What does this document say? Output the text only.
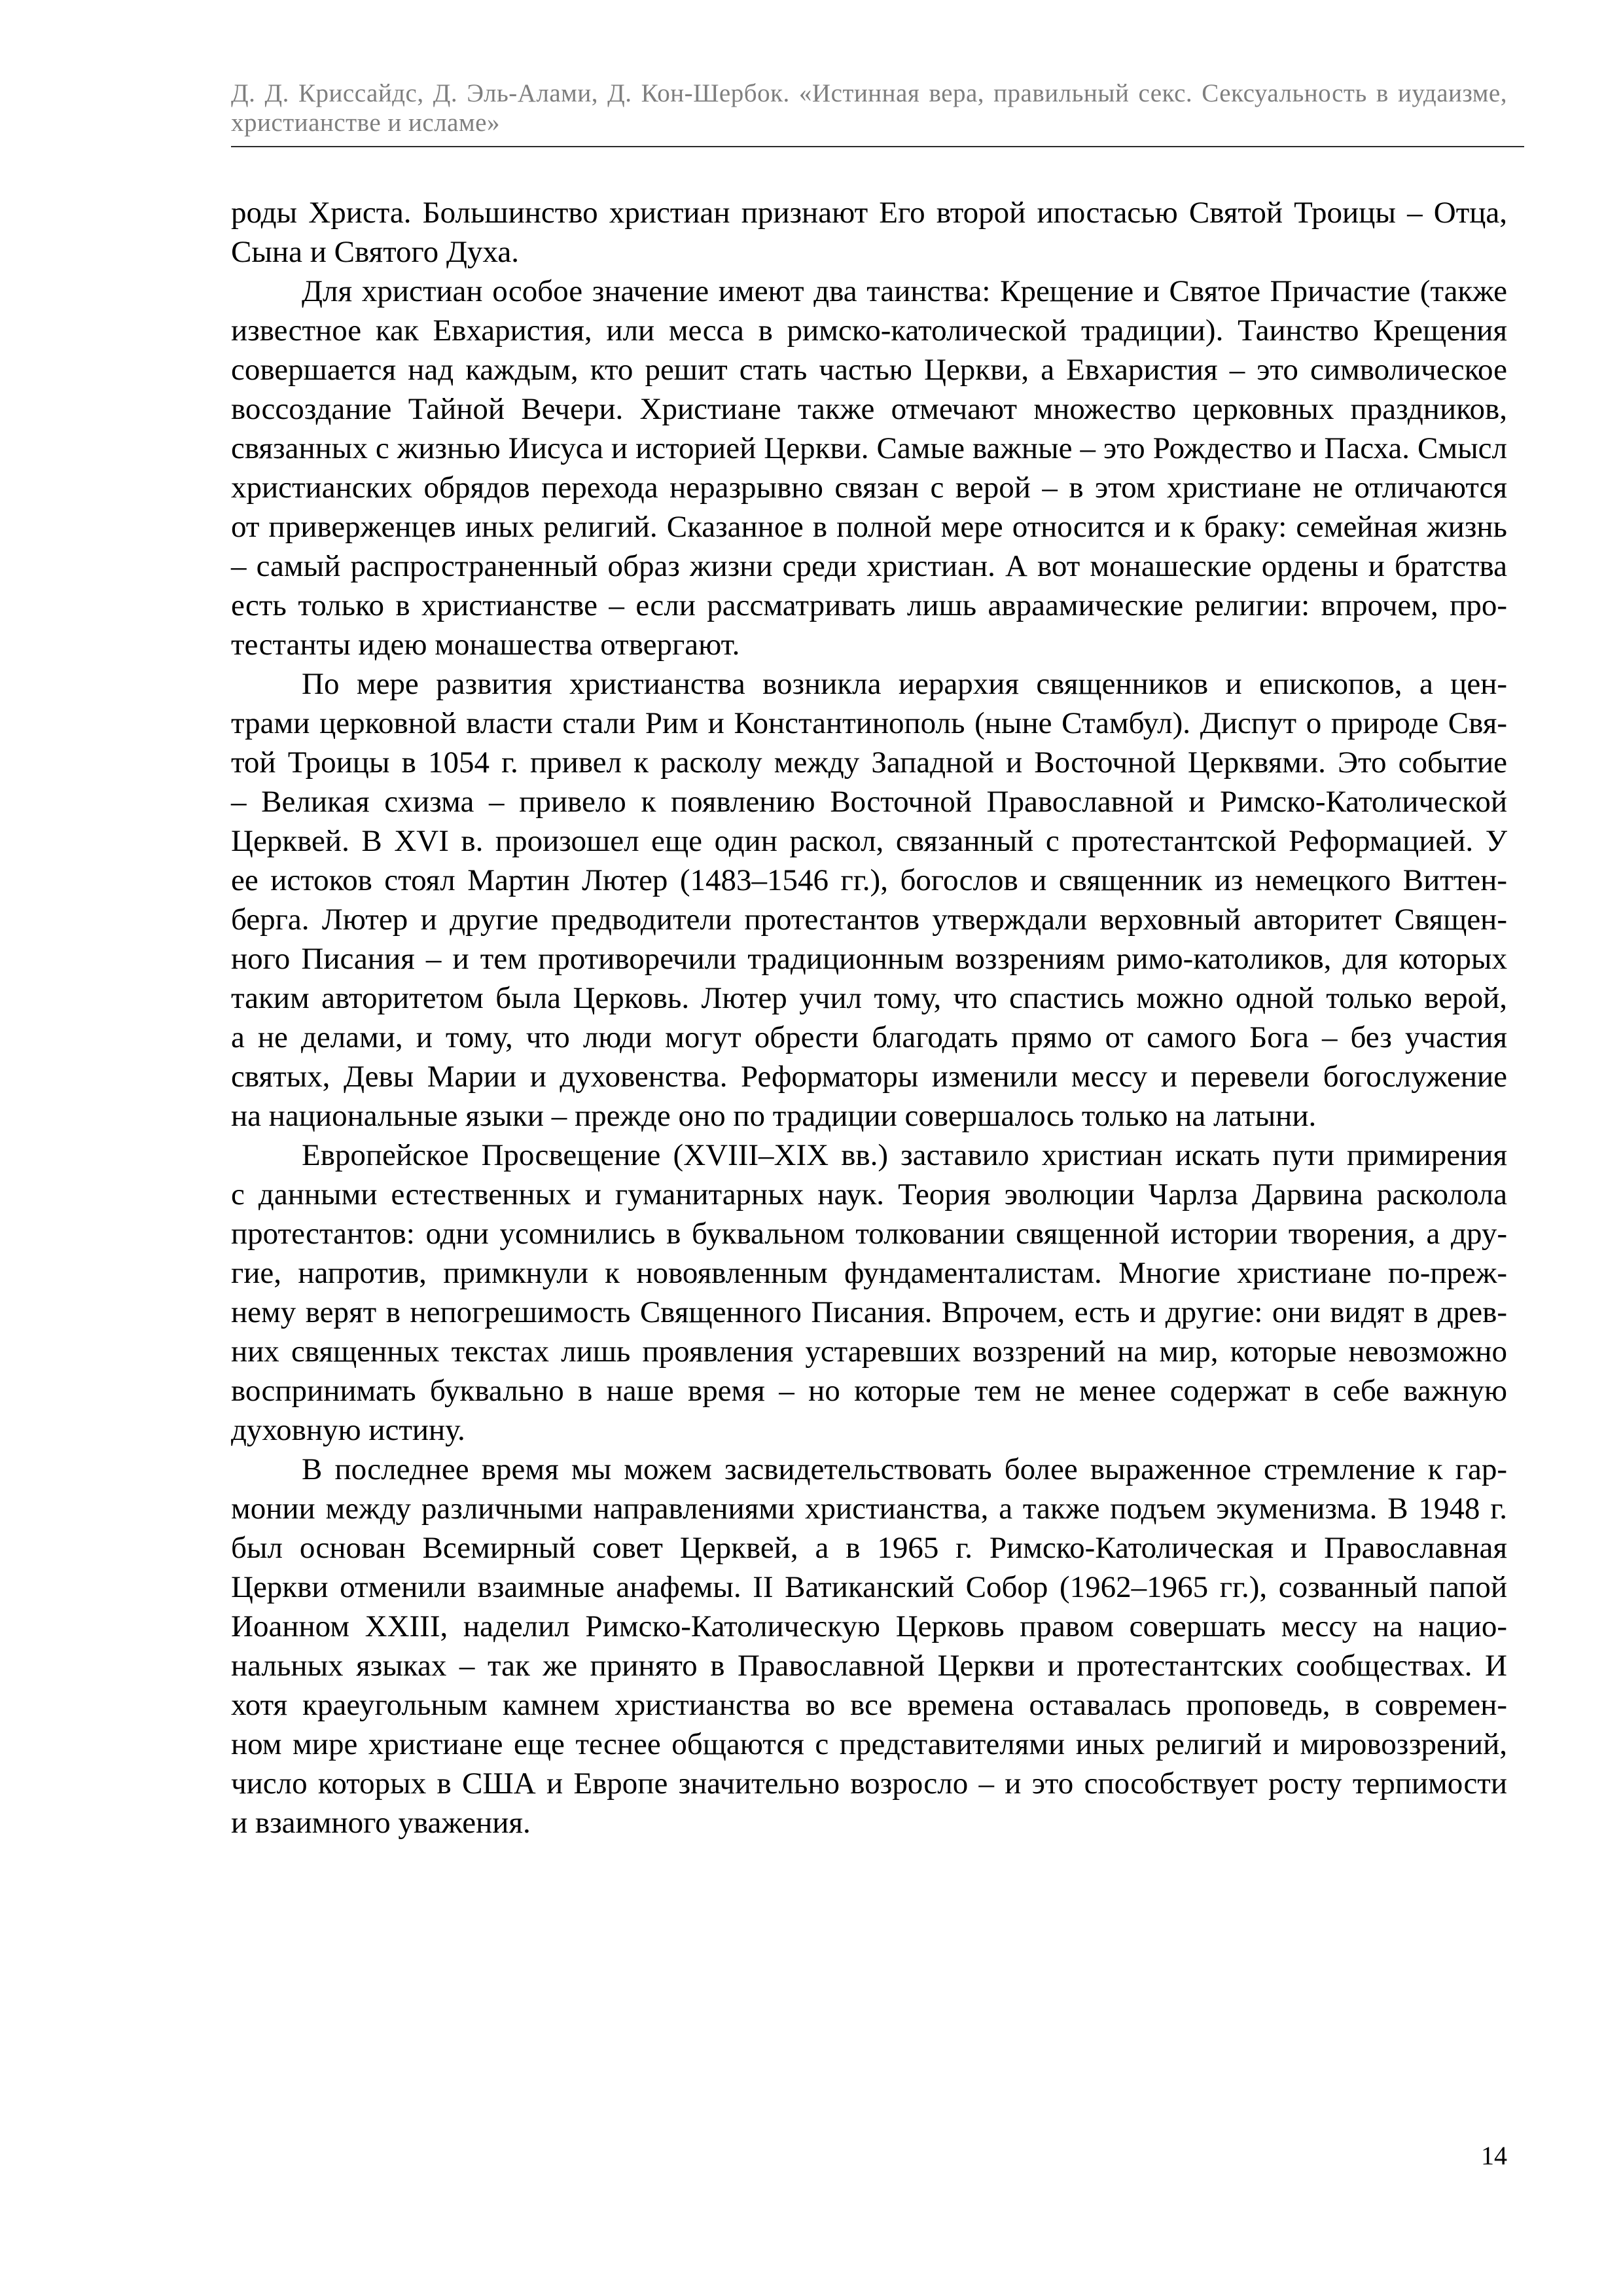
Д. Д. Криссайдс, Д. Эль-Алами, Д. Кон-Шербок. «Истинная вера, правильный секс. Сексуальность в иудаизме,
христианстве и исламе»

роды Христа. Большинство христиан признают Его второй ипостасью Святой Троицы – Отца,
Сына и Святого Духа.

Для христиан особое значение имеют два таинства: Крещение и Святое Причастие (также
известное как Евхаристия, или месса в римско-католической традиции). Таинство Крещения
совершается над каждым, кто решит стать частью Церкви, а Евхаристия – это символическое
воссоздание Тайной Вечери. Христиане также отмечают множество церковных праздников,
связанных с жизнью Иисуса и историей Церкви. Самые важные – это Рождество и Пасха. Смысл
христианских обрядов перехода неразрывно связан с верой – в этом христиане не отличаются
от приверженцев иных религий. Сказанное в полной мере относится и к браку: семейная жизнь
– самый распространенный образ жизни среди христиан. А вот монашеские ордены и братства
есть только в христианстве – если рассматривать лишь авраамические религии: впрочем, про-
тестанты идею монашества отвергают.

По мере развития христианства возникла иерархия священников и епископов, а цен-
трами церковной власти стали Рим и Константинополь (ныне Стамбул). Диспут о природе Свя-
той Троицы в 1054 г. привел к расколу между Западной и Восточной Церквями. Это событие
– Великая схизма – привело к появлению Восточной Православной и Римско-Католической
Церквей. В XVI в. произошел еще один раскол, связанный с протестантской Реформацией. У
ее истоков стоял Мартин Лютер (1483–1546 гг.), богослов и священник из немецкого Виттен-
берга. Лютер и другие предводители протестантов утверждали верховный авторитет Священ-
ного Писания – и тем противоречили традиционным воззрениям римо-католиков, для которых
таким авторитетом была Церковь. Лютер учил тому, что спастись можно одной только верой,
а не делами, и тому, что люди могут обрести благодать прямо от самого Бога – без участия
святых, Девы Марии и духовенства. Реформаторы изменили мессу и перевели богослужение
на национальные языки – прежде оно по традиции совершалось только на латыни.

Европейское Просвещение (XVIII–XIX вв.) заставило христиан искать пути примирения
с данными естественных и гуманитарных наук. Теория эволюции Чарлза Дарвина расколола
протестантов: одни усомнились в буквальном толковании священной истории творения, а дру-
гие, напротив, примкнули к новоявленным фундаменталистам. Многие христиане по-преж-
нему верят в непогрешимость Священного Писания. Впрочем, есть и другие: они видят в древ-
них священных текстах лишь проявления устаревших воззрений на мир, которые невозможно
воспринимать буквально в наше время – но которые тем не менее содержат в себе важную
духовную истину.

В последнее время мы можем засвидетельствовать более выраженное стремление к гар-
монии между различными направлениями христианства, а также подъем экуменизма. В 1948 г.
был основан Всемирный совет Церквей, а в 1965 г. Римско-Католическая и Православная
Церкви отменили взаимные анафемы. II Ватиканский Собор (1962–1965 гг.), созванный папой
Иоанном XXIII, наделил Римско-Католическую Церковь правом совершать мессу на нацио-
нальных языках – так же принято в Православной Церкви и протестантских сообществах. И
хотя краеугольным камнем христианства во все времена оставалась проповедь, в современ-
ном мире христиане еще теснее общаются с представителями иных религий и мировоззрений,
число которых в США и Европе значительно возросло – и это способствует росту терпимости
и взаимного уважения.

14
